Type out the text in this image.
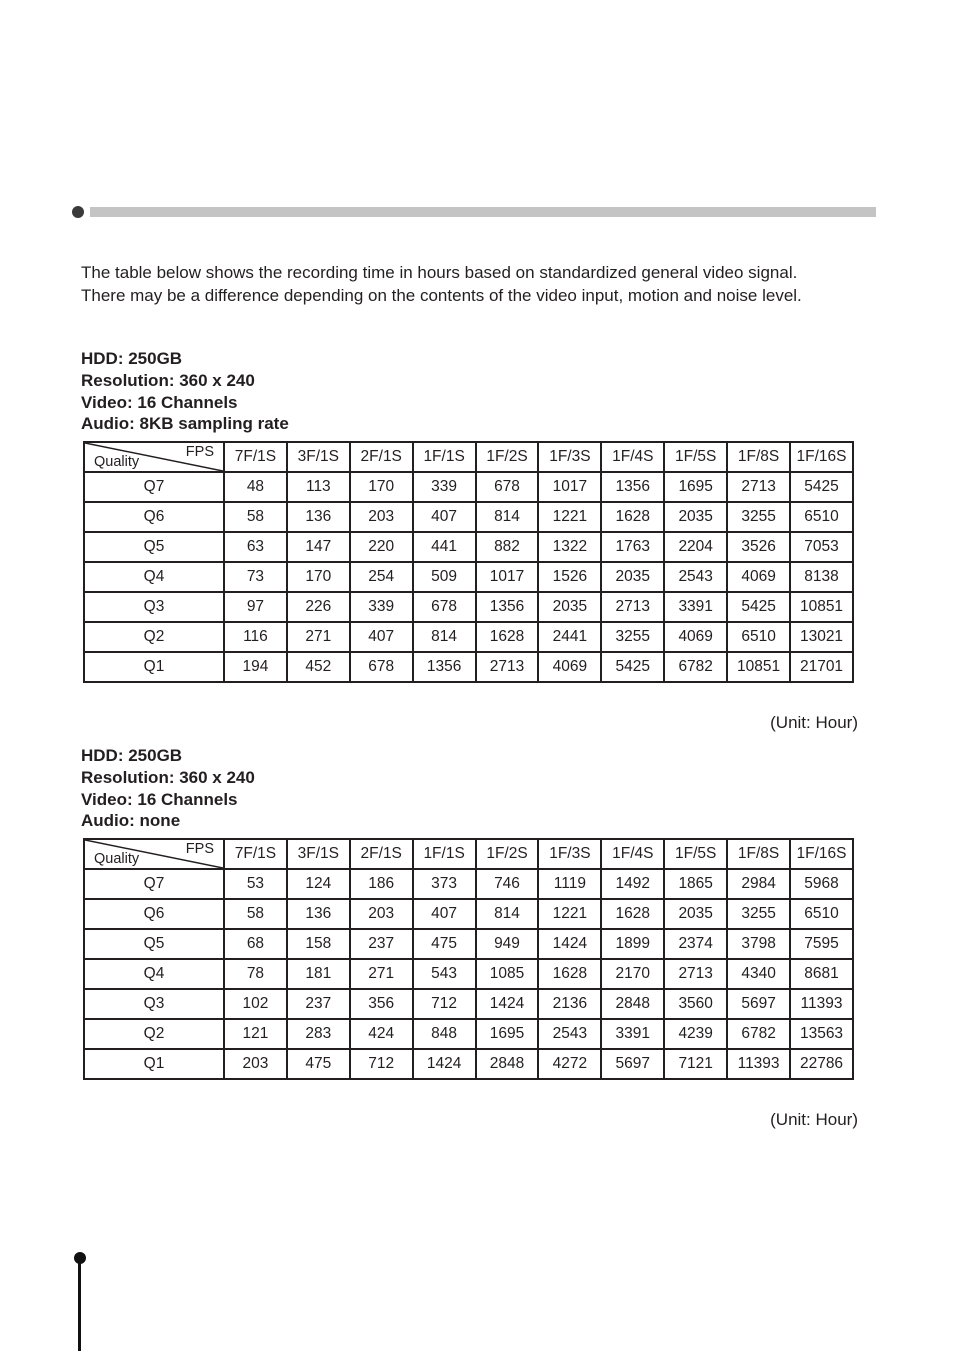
The table below shows the recording time in hours based on standardized general video signal.
There may be a difference depending on the contents of the video input, motion and noise level.
HDD: 250GB
Resolution: 360 x 240
Video: 16 Channels
Audio: 8KB sampling rate
FPS
Quality	7F/1S	3F/1S	2F/1S	1F/1S	1F/2S	1F/3S	1F/4S	1F/5S	1F/8S	1F/16S
Q7	48	113	170	339	678	1017	1356	1695	2713	5425
Q6	58	136	203	407	814	1221	1628	2035	3255	6510
Q5	63	147	220	441	882	1322	1763	2204	3526	7053
Q4	73	170	254	509	1017	1526	2035	2543	4069	8138
Q3	97	226	339	678	1356	2035	2713	3391	5425	10851
Q2	116	271	407	814	1628	2441	3255	4069	6510	13021
Q1	194	452	678	1356	2713	4069	5425	6782	10851	21701
(Unit: Hour)
HDD: 250GB
Resolution: 360 x 240
Video: 16 Channels
Audio: none
FPS
Quality	7F/1S	3F/1S	2F/1S	1F/1S	1F/2S	1F/3S	1F/4S	1F/5S	1F/8S	1F/16S
Q7	53	124	186	373	746	1119	1492	1865	2984	5968
Q6	58	136	203	407	814	1221	1628	2035	3255	6510
Q5	68	158	237	475	949	1424	1899	2374	3798	7595
Q4	78	181	271	543	1085	1628	2170	2713	4340	8681
Q3	102	237	356	712	1424	2136	2848	3560	5697	11393
Q2	121	283	424	848	1695	2543	3391	4239	6782	13563
Q1	203	475	712	1424	2848	4272	5697	7121	11393	22786
(Unit: Hour)
